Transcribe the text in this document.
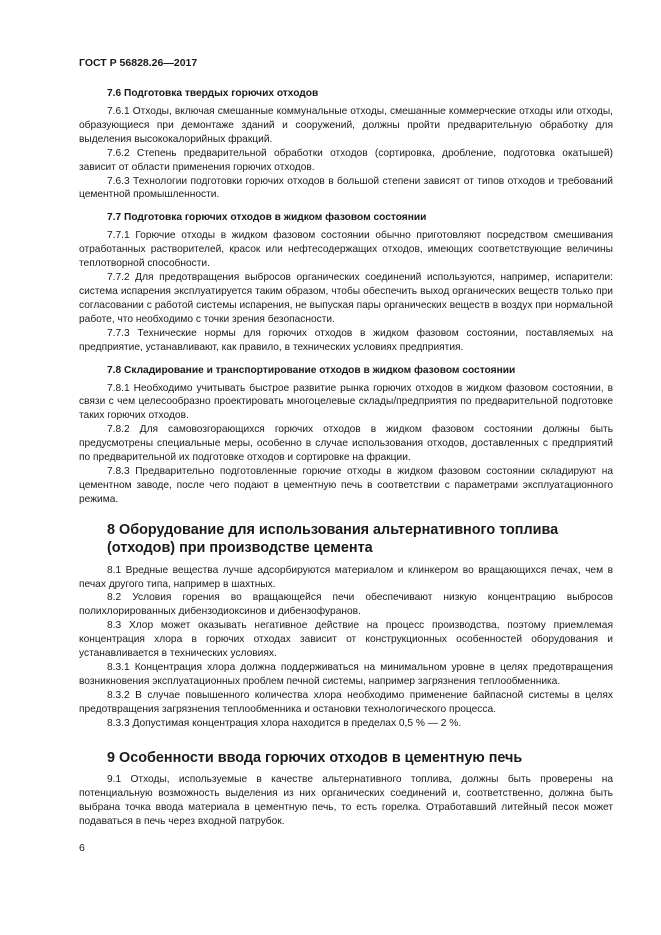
ГОСТ Р 56828.26—2017
7.6 Подготовка твердых горючих отходов

7.6.1 Отходы, включая смешанные коммунальные отходы, смешанные коммерческие отходы или отходы, образующиеся при демонтаже зданий и сооружений, должны пройти предварительную обработку для выделения высококалорийных фракций.

7.6.2 Степень предварительной обработки отходов (сортировка, дробление, подготовка окатышей) зависит от области применения горючих отходов.

7.6.3 Технологии подготовки горючих отходов в большой степени зависят от типов отходов и требований цементной промышленности.

7.7 Подготовка горючих отходов в жидком фазовом состоянии

7.7.1 Горючие отходы в жидком фазовом состоянии обычно приготовляют посредством смешивания отработанных растворителей, красок или нефтесодержащих отходов, имеющих соответствующие величины теплотворной способности.

7.7.2 Для предотвращения выбросов органических соединений используются, например, испарители: система испарения эксплуатируется таким образом, чтобы обеспечить выход органических веществ только при согласовании с работой системы испарения, не выпуская пары органических веществ в воздух при нормальной работе, что необходимо с точки зрения безопасности.

7.7.3 Технические нормы для горючих отходов в жидком фазовом состоянии, поставляемых на предприятие, устанавливают, как правило, в технических условиях предприятия.

7.8 Складирование и транспортирование отходов в жидком фазовом состоянии

7.8.1 Необходимо учитывать быстрое развитие рынка горючих отходов в жидком фазовом состоянии, в связи с чем целесообразно проектировать многоцелевые склады/предприятия по предварительной подготовке таких горючих отходов.

7.8.2 Для самовозгорающихся горючих отходов в жидком фазовом состоянии должны быть предусмотрены специальные меры, особенно в случае использования отходов, доставленных с предприятий по предварительной их подготовке отходов и сортировке на фракции.

7.8.3 Предварительно подготовленные горючие отходы в жидком фазовом состоянии складируют на цементном заводе, после чего подают в цементную печь в соответствии с параметрами эксплуатационного режима.

8 Оборудование для использования альтернативного топлива (отходов) при производстве цемента

8.1 Вредные вещества лучше адсорбируются материалом и клинкером во вращающихся печах, чем в печах другого типа, например в шахтных.

8.2 Условия горения во вращающейся печи обеспечивают низкую концентрацию выбросов полихлорированных дибензодиоксинов и дибензофуранов.

8.3 Хлор может оказывать негативное действие на процесс производства, поэтому приемлемая концентрация хлора в горючих отходах зависит от конструкционных особенностей оборудования и устанавливается в технических условиях.

8.3.1 Концентрация хлора должна поддерживаться на минимальном уровне в целях предотвращения возникновения эксплуатационных проблем печной системы, например загрязнения теплообменника.

8.3.2 В случае повышенного количества хлора необходимо применение байпасной системы в целях предотвращения загрязнения теплообменника и остановки технологического процесса.

8.3.3 Допустимая концентрация хлора находится в пределах 0,5 % — 2 %.

9 Особенности ввода горючих отходов в цементную печь

9.1 Отходы, используемые в качестве альтернативного топлива, должны быть проверены на потенциальную возможность выделения из них органических соединений и, соответственно, должна быть выбрана точка ввода материала в цементную печь, то есть горелка. Отработавший литейный песок может подаваться в печь через входной патрубок.

6
